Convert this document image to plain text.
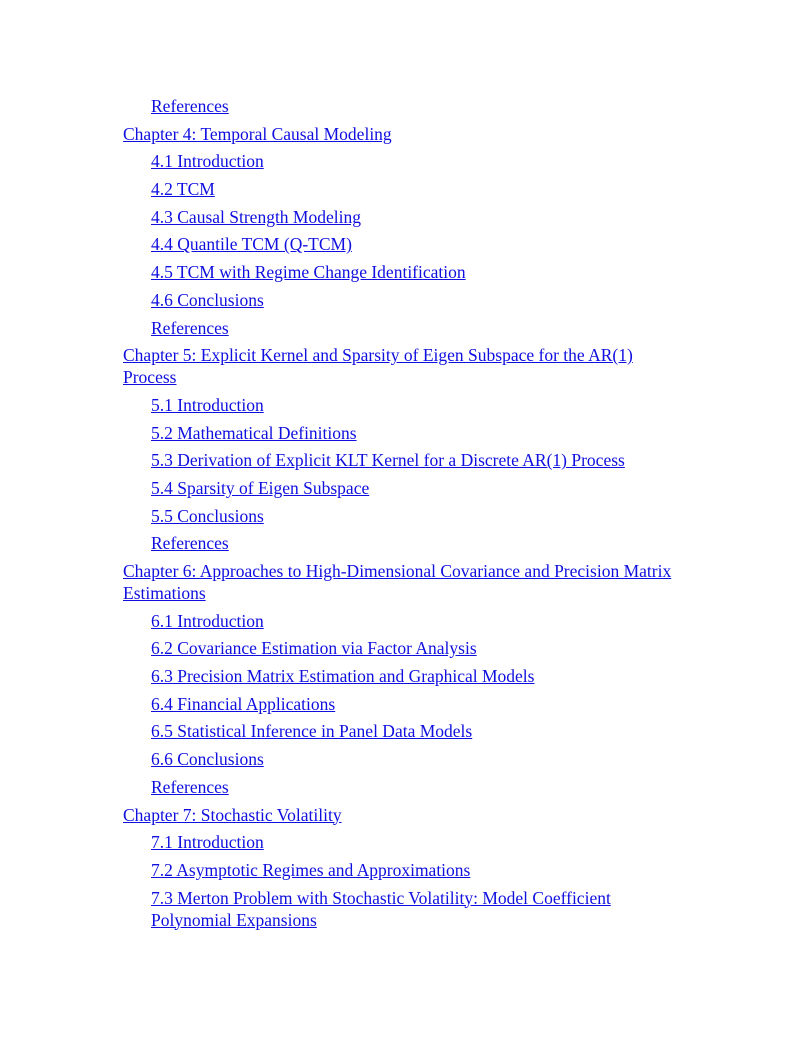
References
Chapter 4: Temporal Causal Modeling
4.1 Introduction
4.2 TCM
4.3 Causal Strength Modeling
4.4 Quantile TCM (Q-TCM)
4.5 TCM with Regime Change Identification
4.6 Conclusions
References
Chapter 5: Explicit Kernel and Sparsity of Eigen Subspace for the AR(1) Process
5.1 Introduction
5.2 Mathematical Definitions
5.3 Derivation of Explicit KLT Kernel for a Discrete AR(1) Process
5.4 Sparsity of Eigen Subspace
5.5 Conclusions
References
Chapter 6: Approaches to High-Dimensional Covariance and Precision Matrix Estimations
6.1 Introduction
6.2 Covariance Estimation via Factor Analysis
6.3 Precision Matrix Estimation and Graphical Models
6.4 Financial Applications
6.5 Statistical Inference in Panel Data Models
6.6 Conclusions
References
Chapter 7: Stochastic Volatility
7.1 Introduction
7.2 Asymptotic Regimes and Approximations
7.3 Merton Problem with Stochastic Volatility: Model Coefficient Polynomial Expansions
